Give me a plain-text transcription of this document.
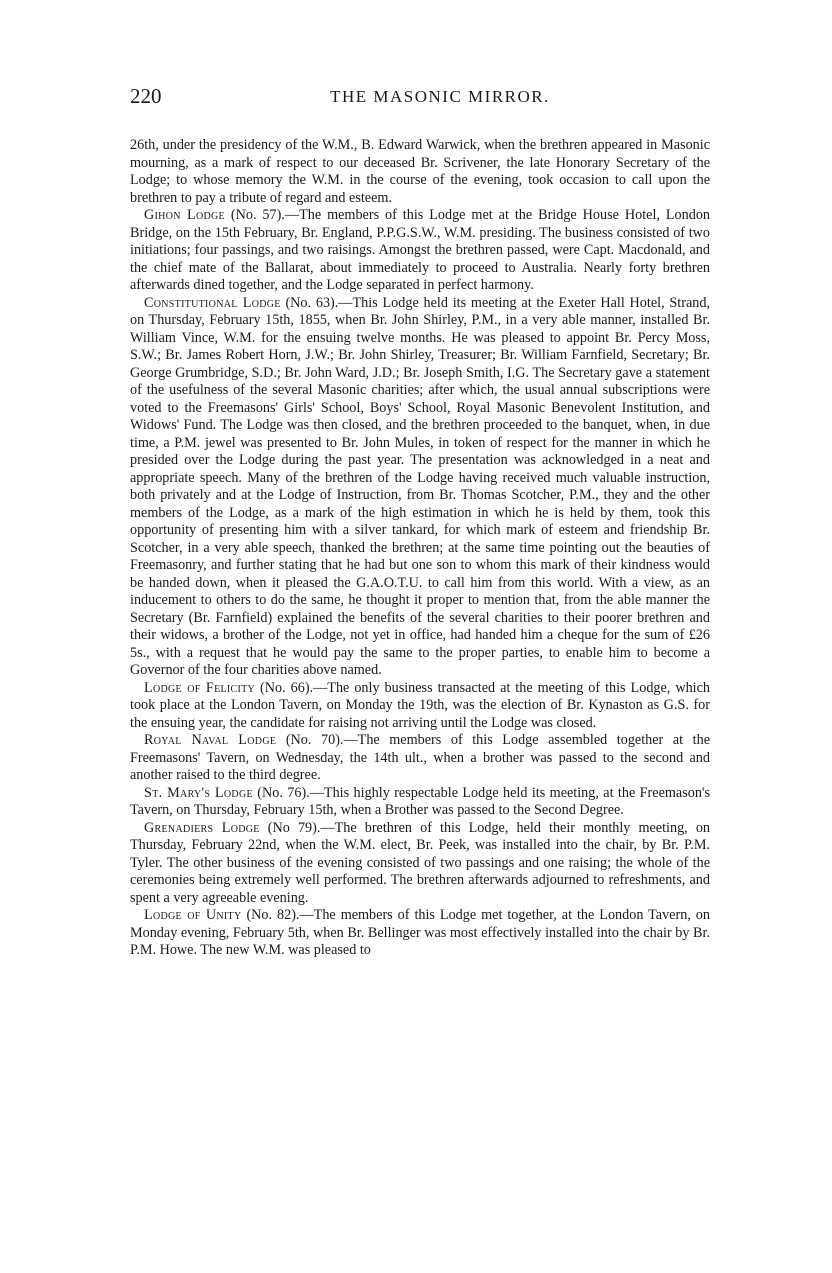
220	THE MASONIC MIRROR.

26th, under the presidency of the W.M., B. Edward Warwick, when the brethren appeared in Masonic mourning, as a mark of respect to our deceased Br. Scrivener, the late Honorary Secretary of the Lodge; to whose memory the W.M. in the course of the evening, took occasion to call upon the brethren to pay a tribute of regard and esteem.

Gihon Lodge (No. 57).—The members of this Lodge met at the Bridge House Hotel, London Bridge, on the 15th February, Br. England, P.P.G.S.W., W.M. presiding. The business consisted of two initiations; four passings, and two raisings. Amongst the brethren passed, were Capt. Macdonald, and the chief mate of the Ballarat, about immediately to proceed to Australia. Nearly forty brethren afterwards dined together, and the Lodge separated in perfect harmony.

Constitutional Lodge (No. 63).—This Lodge held its meeting at the Exeter Hall Hotel, Strand, on Thursday, February 15th, 1855, when Br. John Shirley, P.M., in a very able manner, installed Br. William Vince, W.M. for the ensuing twelve months. He was pleased to appoint Br. Percy Moss, S.W.; Br. James Robert Horn, J.W.; Br. John Shirley, Treasurer; Br. William Farnfield, Secretary; Br. George Grumbridge, S.D.; Br. John Ward, J.D.; Br. Joseph Smith, I.G. The Secretary gave a statement of the usefulness of the several Masonic charities; after which, the usual annual subscriptions were voted to the Freemasons' Girls' School, Boys' School, Royal Masonic Benevolent Institution, and Widows' Fund. The Lodge was then closed, and the brethren proceeded to the banquet, when, in due time, a P.M. jewel was presented to Br. John Mules, in token of respect for the manner in which he presided over the Lodge during the past year. The presentation was acknowledged in a neat and appropriate speech. Many of the brethren of the Lodge having received much valuable instruction, both privately and at the Lodge of Instruction, from Br. Thomas Scotcher, P.M., they and the other members of the Lodge, as a mark of the high estimation in which he is held by them, took this opportunity of presenting him with a silver tankard, for which mark of esteem and friendship Br. Scotcher, in a very able speech, thanked the brethren; at the same time pointing out the beauties of Freemasonry, and further stating that he had but one son to whom this mark of their kindness would be handed down, when it pleased the G.A.O.T.U. to call him from this world. With a view, as an inducement to others to do the same, he thought it proper to mention that, from the able manner the Secretary (Br. Farnfield) explained the benefits of the several charities to their poorer brethren and their widows, a brother of the Lodge, not yet in office, had handed him a cheque for the sum of £26 5s., with a request that he would pay the same to the proper parties, to enable him to become a Governor of the four charities above named.

Lodge of Felicity (No. 66).—The only business transacted at the meeting of this Lodge, which took place at the London Tavern, on Monday the 19th, was the election of Br. Kynaston as G.S. for the ensuing year, the candidate for raising not arriving until the Lodge was closed.

Royal Naval Lodge (No. 70).—The members of this Lodge assembled together at the Freemasons' Tavern, on Wednesday, the 14th ult., when a brother was passed to the second and another raised to the third degree.

St. Mary's Lodge (No. 76).—This highly respectable Lodge held its meeting, at the Freemason's Tavern, on Thursday, February 15th, when a Brother was passed to the Second Degree.

Grenadiers Lodge (No 79).—The brethren of this Lodge, held their monthly meeting, on Thursday, February 22nd, when the W.M. elect, Br. Peek, was installed into the chair, by Br. P.M. Tyler. The other business of the evening consisted of two passings and one raising; the whole of the ceremonies being extremely well performed. The brethren afterwards adjourned to refreshments, and spent a very agreeable evening.

Lodge of Unity (No. 82).—The members of this Lodge met together, at the London Tavern, on Monday evening, February 5th, when Br. Bellinger was most effectively installed into the chair by Br. P.M. Howe. The new W.M. was pleased to
